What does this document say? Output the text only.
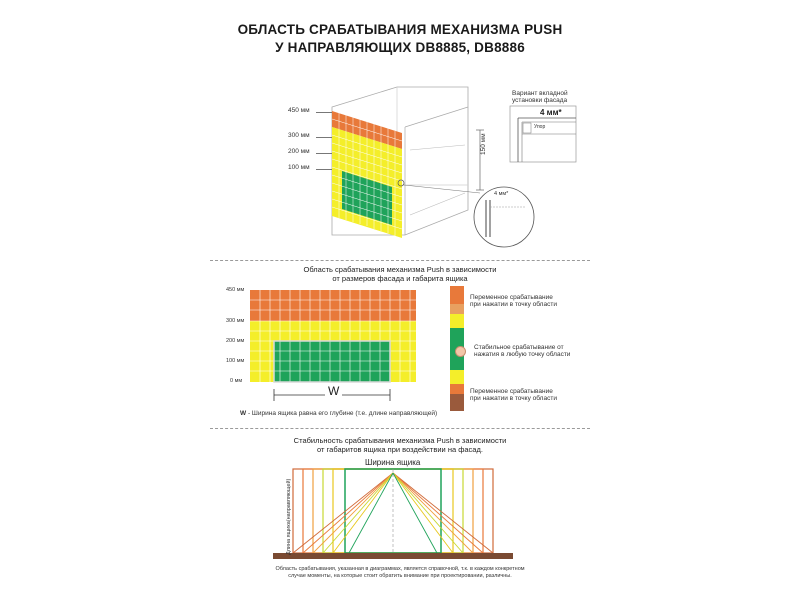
ОБЛАСТЬ СРАБАТЫВАНИЯ МЕХАНИЗМА PUSH
У НАПРАВЛЯЮЩИХ DB8885, DB8886
450 мм
300 мм
200 мм
100 мм
150 мм
4 мм*
Вариант вкладной
установки фасада
4 мм*
Упор
Область срабатывания механизма Push в зависимости
от размеров фасада и габарита ящика
450 мм
300 мм
200 мм
100 мм
0 мм
W
W - Ширина ящика равна его глубине (т.е. длине направляющей)
Переменное срабатывание
при нажатии в точку области
Стабильное срабатывание от
нажатия в любую точку области
Переменное срабатывание
при нажатии в точку области
Стабильность срабатывания механизма Push в зависимости
от габаритов ящика при воздействии на фасад.
Ширина ящика
Длина ящика(направляющей)
Область срабатывания, указанная в диаграммах, является справочной, т.к. в каждом конкретном
случае моменты, на которые стоит обратить внимание при проектировании, различны.
